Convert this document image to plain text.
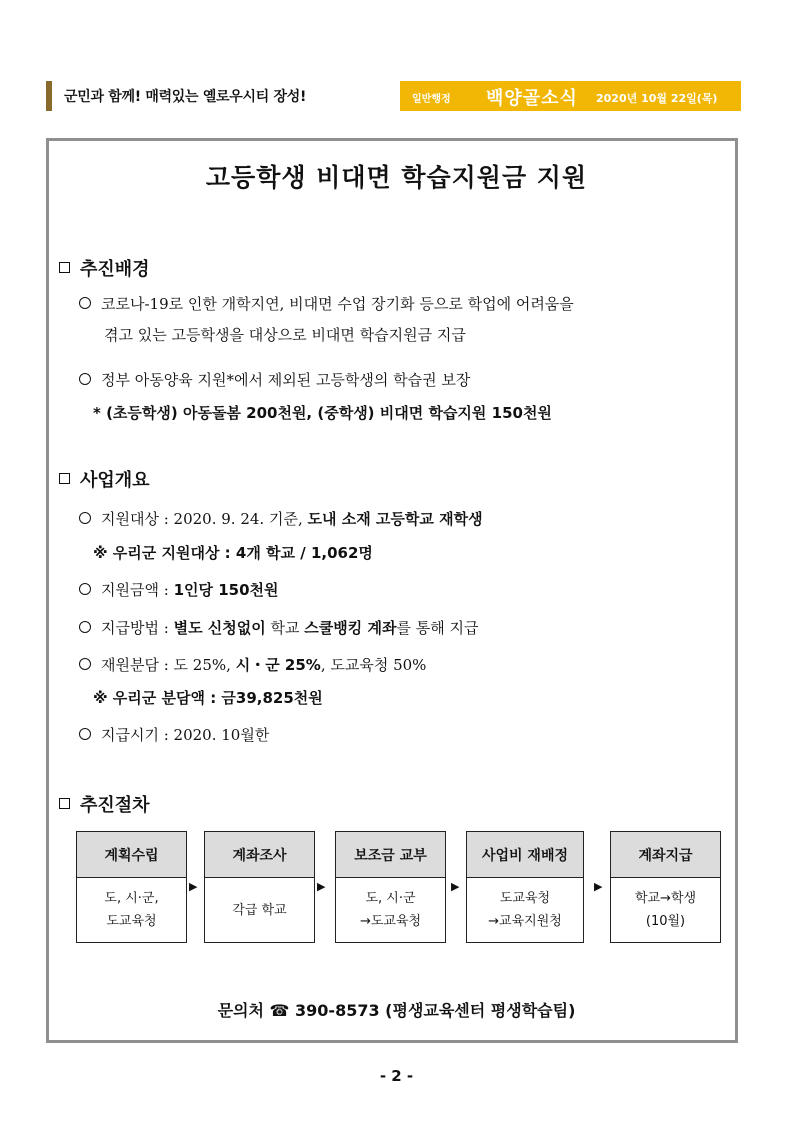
군민과 함께! 매력있는 옐로우시티 장성!	일반행정 백양골소식 2020년 10월 22일(목)
고등학생 비대면 학습지원금 지원
추진배경
코로나-19로 인한 개학지연, 비대면 수업 장기화 등으로 학업에 어려움을
겪고 있는 고등학생을 대상으로 비대면 학습지원금 지급
정부 아동양육 지원*에서 제외된 고등학생의 학습권 보장
* (초등학생) 아동돌봄 200천원, (중학생) 비대면 학습지원 150천원
사업개요
지원대상 : 2020. 9. 24. 기준, 도내 소재 고등학교 재학생
※ 우리군 지원대상 : 4개 학교 / 1,062명
지원금액 : 1인당 150천원
지급방법 : 별도 신청없이 학교 스쿨뱅킹 계좌를 통해 지급
재원분담 : 도 25%, 시・군 25%, 도교육청 50%
※ 우리군 분담액 : 금39,825천원
지급시기 : 2020. 10월한
추진절차
계획수립
도, 시·군,
도교육청
▶
계좌조사
각급 학교
▶
보조금 교부
도, 시·군
→도교육청
▶
사업비 재배정
도교육청
→교육지원청
▶
계좌지급
학교→학생
(10월)
문의처 ☎ 390-8573 (평생교육센터 평생학습팀)
- 2 -
